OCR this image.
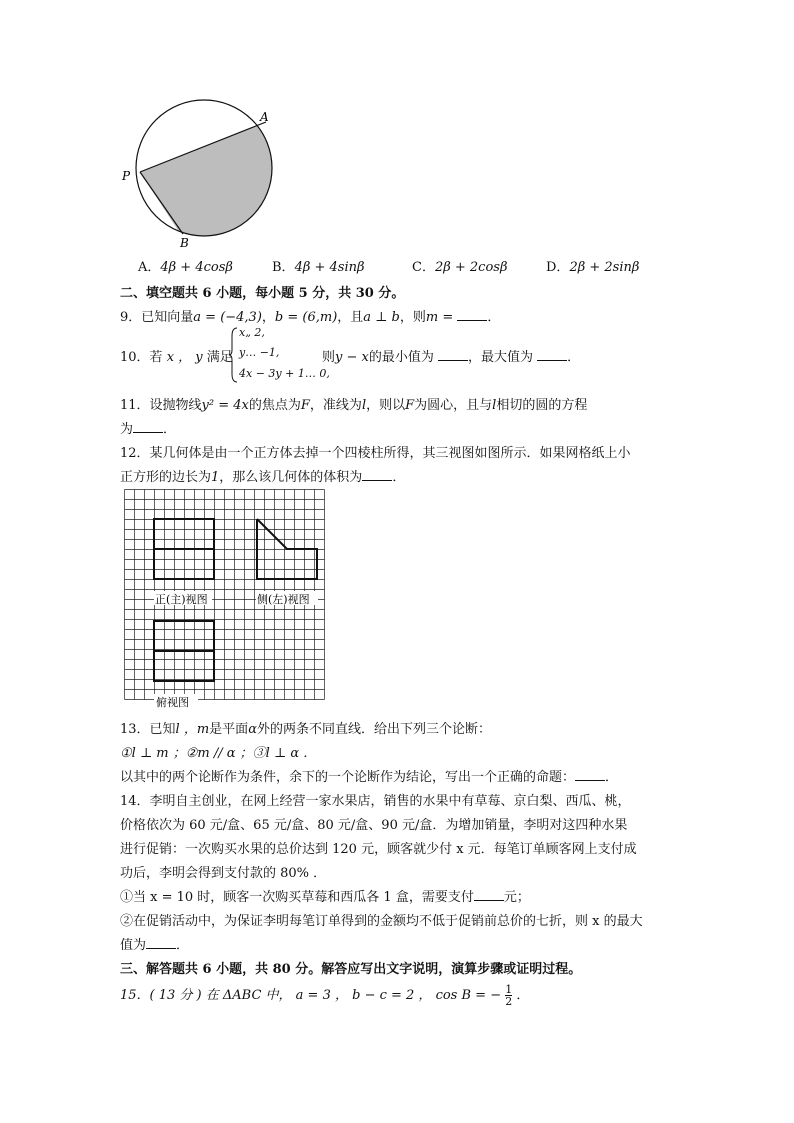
A
P
B
A．4β + 4cosβ	B．4β + 4sinβ	C．2β + 2cosβ	D．2β + 2sinβ
二、填空题共 6 小题，每小题 5 分，共 30 分。
9．已知向量a = (−4,3)，b = (6,m)，且a ⊥ b，则m =	．
10．若 x ， y 满足
x„ 2,
y… −1,
4x − 3y + 1… 0,
则y − x的最小值为	，最大值为	．
11．设抛物线y² = 4x的焦点为F，准线为l，则以F为圆心，且与l相切的圆的方程
为 ．
12．某几何体是由一个正方体去掉一个四棱柱所得，其三视图如图所示．如果网格纸上小
正方形的边长为1，那么该几何体的体积为 ．
正(主)视图	侧(左)视图
俯视图
13．已知l ，m是平面α外的两条不同直线．给出下列三个论断：
①l ⊥ m ；②m // α ；③l ⊥ α ．
以其中的两个论断作为条件，余下的一个论断作为结论，写出一个正确的命题： ．
14．李明自主创业，在网上经营一家水果店，销售的水果中有草莓、京白梨、西瓜、桃，
价格依次为 60 元/盒、65 元/盒、80 元/盒、90 元/盒．为增加销量，李明对这四种水果
进行促销：一次购买水果的总价达到 120 元，顾客就少付 x 元．每笔订单顾客网上支付成
功后，李明会得到支付款的 80% ．
①当 x = 10 时，顾客一次购买草莓和西瓜各 1 盒，需要支付 元；
②在促销活动中，为保证李明每笔订单得到的金额均不低于促销前总价的七折，则 x 的最大
值为 ．
三、解答题共 6 小题，共 80 分。解答应写出文字说明，演算步骤或证明过程。
15．( 13 分 ) 在 ΔABC 中， a = 3 ， b − c = 2 ， cos B = − $\frac{1}{2}$ ．
